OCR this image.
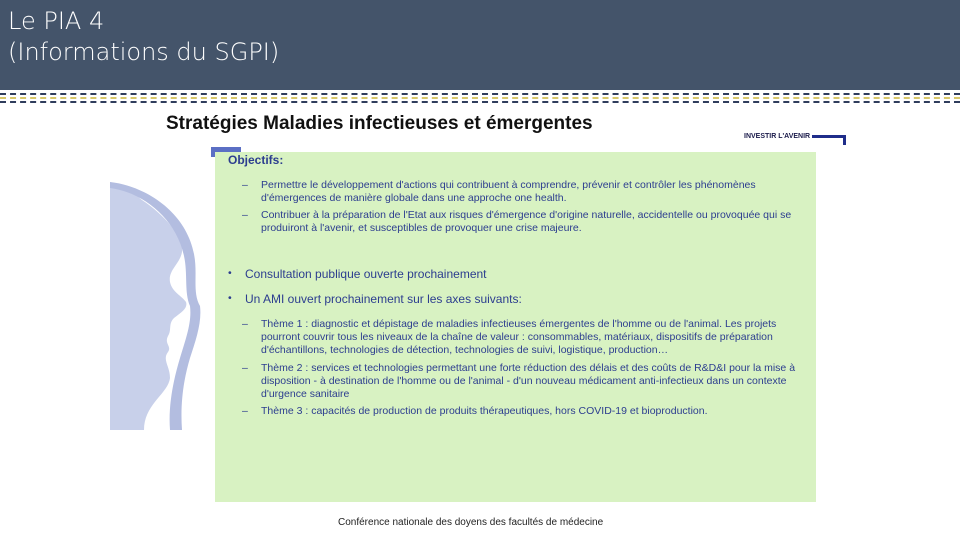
Le PIA 4
(Informations du SGPI)
Stratégies Maladies infectieuses et émergentes
INVESTIR L'AVENIR
Objectifs:
– Permettre le développement d'actions qui contribuent à comprendre, prévenir et contrôler les phénomènes d'émergences de manière globale dans une approche one health.
– Contribuer à la préparation de l'Etat aux risques d'émergence d'origine naturelle, accidentelle ou provoquée qui se produiront à l'avenir, et susceptibles de provoquer une crise majeure.
• Consultation publique ouverte prochainement
• Un AMI ouvert prochainement sur les axes suivants:
– Thème 1 : diagnostic et dépistage de maladies infectieuses émergentes de l'homme ou de l'animal. Les projets pourront couvrir tous les niveaux de la chaîne de valeur : consommables, matériaux, dispositifs de préparation d'échantillons, technologies de détection, technologies de suivi, logistique, production…
– Thème 2 : services et technologies permettant une forte réduction des délais et des coûts de R&D&I pour la mise à disposition - à destination de l'homme ou de l'animal - d'un nouveau médicament anti-infectieux dans un contexte d'urgence sanitaire
– Thème 3 : capacités de production de produits thérapeutiques, hors COVID-19 et bioproduction.
Conférence nationale des doyens des facultés de médecine
